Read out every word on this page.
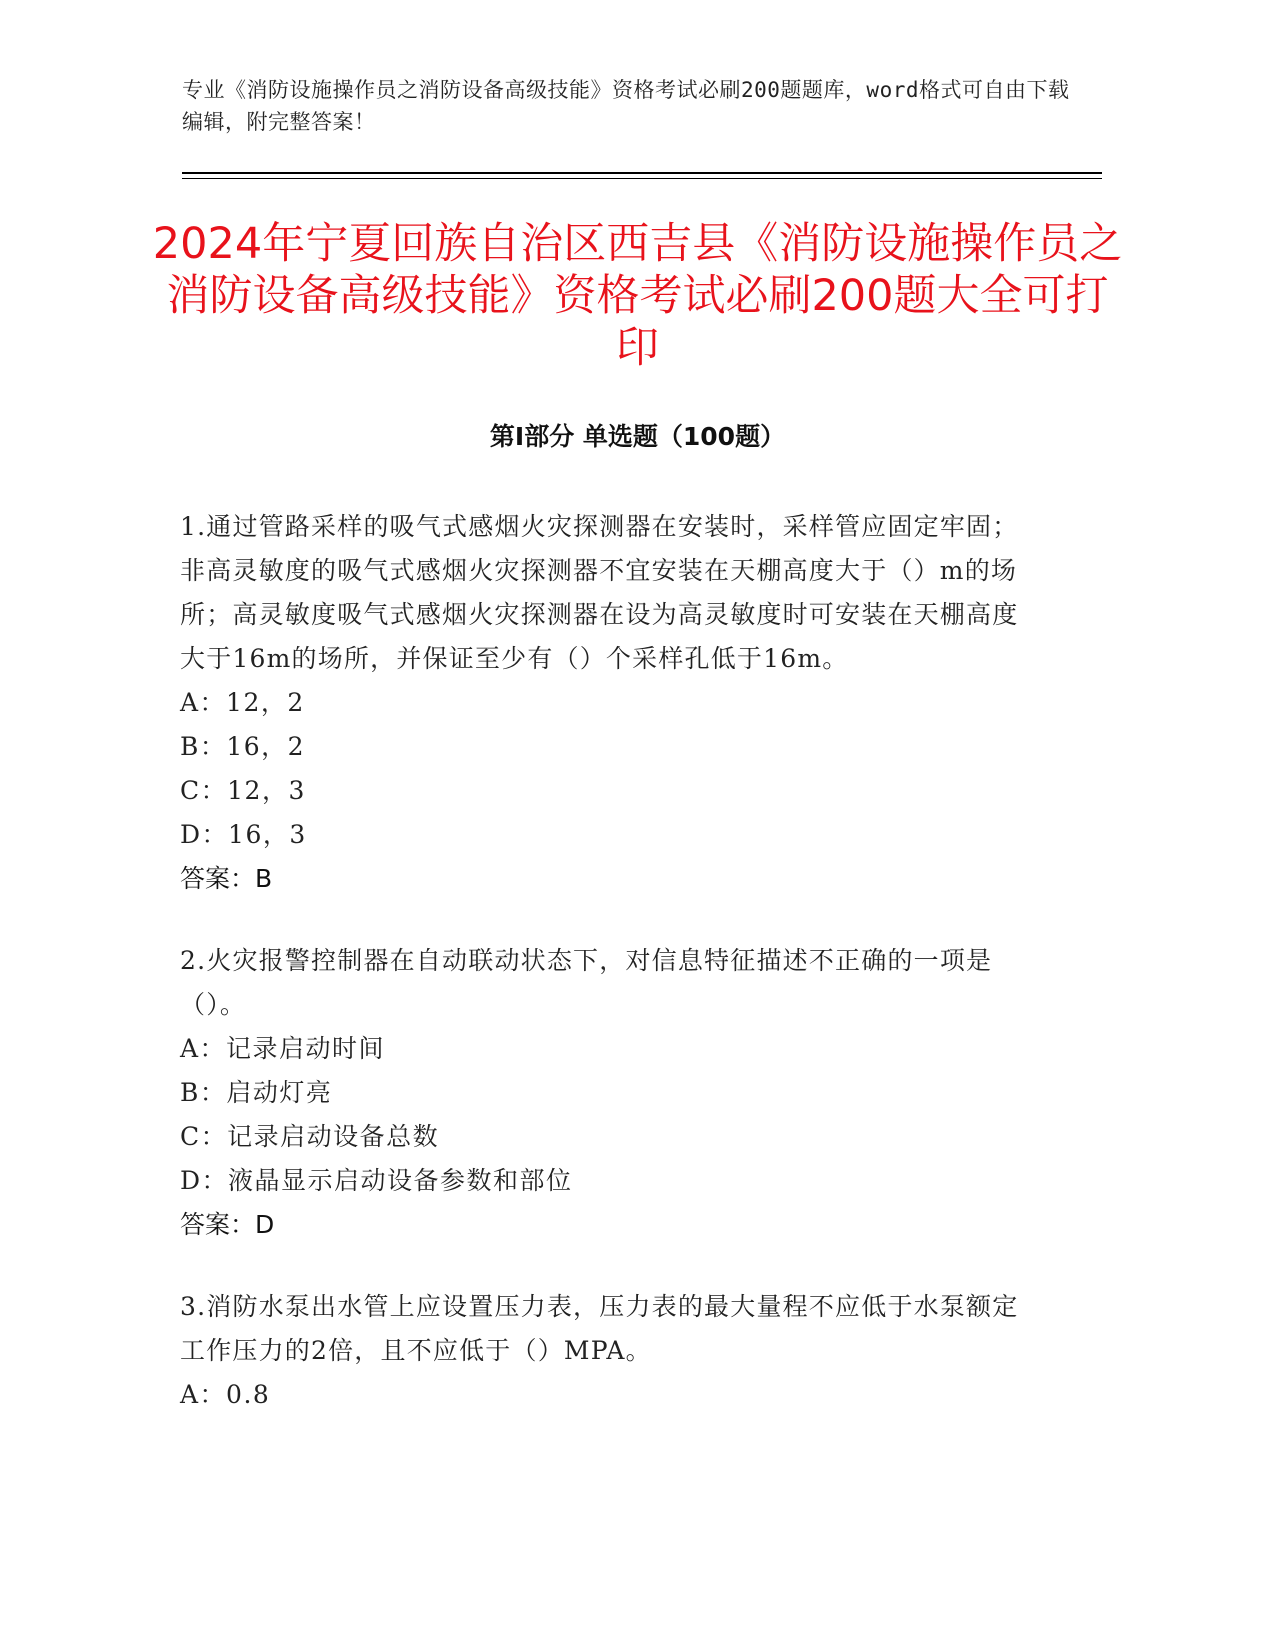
专业《消防设施操作员之消防设备高级技能》资格考试必刷200题题库，word格式可自由下载编辑，附完整答案！

2024年宁夏回族自治区西吉县《消防设施操作员之消防设备高级技能》资格考试必刷200题大全可打印
第Ⅰ部分 单选题（100题）

1.通过管路采样的吸气式感烟火灾探测器在安装时，采样管应固定牢固；非高灵敏度的吸气式感烟火灾探测器不宜安装在天棚高度大于（）m的场所；高灵敏度吸气式感烟火灾探测器在设为高灵敏度时可安装在天棚高度大于16m的场所，并保证至少有（）个采样孔低于16m。

A：12，2

B：16，2

C：12，3

D：16，3

答案：B

2.火灾报警控制器在自动联动状态下，对信息特征描述不正确的一项是（）。

A：记录启动时间

B：启动灯亮

C：记录启动设备总数

D：液晶显示启动设备参数和部位

答案：D

3.消防水泵出水管上应设置压力表，压力表的最大量程不应低于水泵额定工作压力的2倍，且不应低于（）MPA。

A：0.8
